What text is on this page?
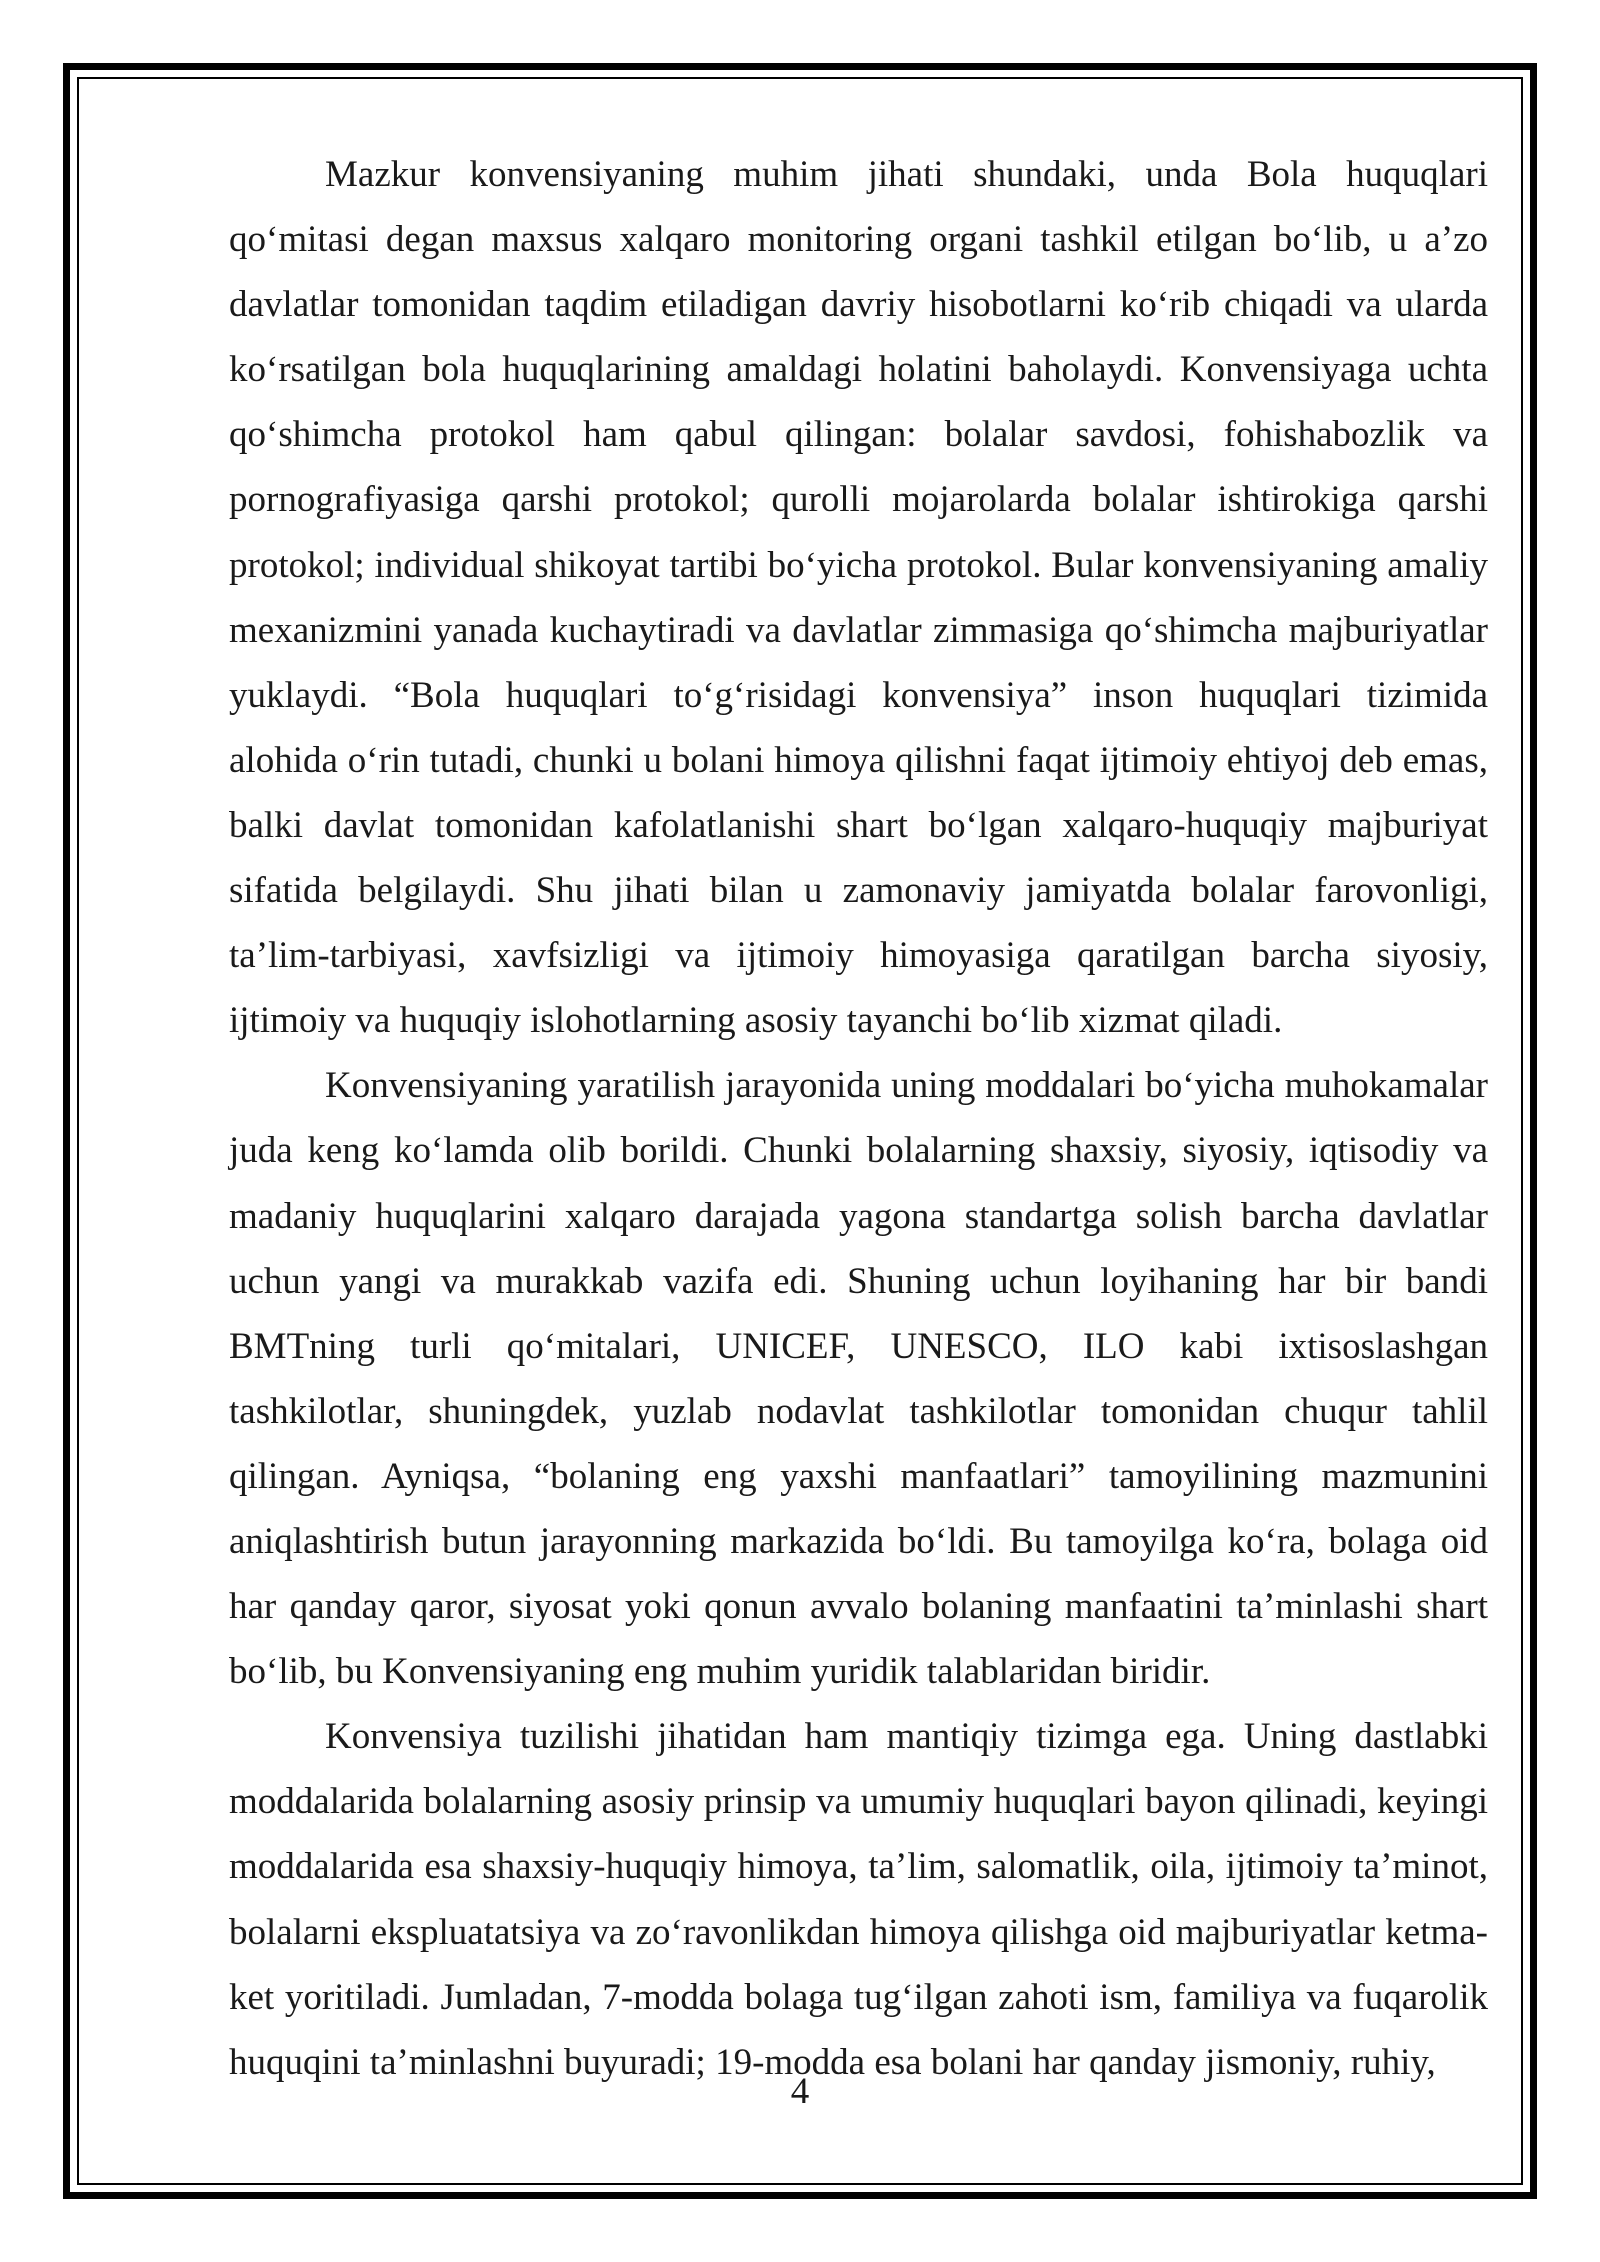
Mazkur konvensiyaning muhim jihati shundaki, unda Bola huquqlari qo‘mitasi degan maxsus xalqaro monitoring organi tashkil etilgan bo‘lib, u a’zo davlatlar tomonidan taqdim etiladigan davriy hisobotlarni ko‘rib chiqadi va ularda ko‘rsatilgan bola huquqlarining amaldagi holatini baholaydi. Konvensiyaga uchta qo‘shimcha protokol ham qabul qilingan: bolalar savdosi, fohishabozlik va pornografiyasiga qarshi protokol; qurolli mojarolarda bolalar ishtirokiga qarshi protokol; individual shikoyat tartibi bo‘yicha protokol. Bular konvensiyaning amaliy mexanizmini yanada kuchaytiradi va davlatlar zimmasiga qo‘shimcha majburiyatlar yuklaydi. “Bola huquqlari to‘g‘risidagi konvensiya” inson huquqlari tizimida alohida o‘rin tutadi, chunki u bolani himoya qilishni faqat ijtimoiy ehtiyoj deb emas, balki davlat tomonidan kafolatlanishi shart bo‘lgan xalqaro-huquqiy majburiyat sifatida belgilaydi. Shu jihati bilan u zamonaviy jamiyatda bolalar farovonligi, ta’lim-tarbiyasi, xavfsizligi va ijtimoiy himoyasiga qaratilgan barcha siyosiy, ijtimoiy va huquqiy islohotlarning asosiy tayanchi bo‘lib xizmat qiladi.

Konvensiyaning yaratilish jarayonida uning moddalari bo‘yicha muhokamalar juda keng ko‘lamda olib borildi. Chunki bolalarning shaxsiy, siyosiy, iqtisodiy va madaniy huquqlarini xalqaro darajada yagona standartga solish barcha davlatlar uchun yangi va murakkab vazifa edi. Shuning uchun loyihaning har bir bandi BMTning turli qo‘mitalari, UNICEF, UNESCO, ILO kabi ixtisoslashgan tashkilotlar, shuningdek, yuzlab nodavlat tashkilotlar tomonidan chuqur tahlil qilingan. Ayniqsa, “bolaning eng yaxshi manfaatlari” tamoyilining mazmunini aniqlashtirish butun jarayonning markazida bo‘ldi. Bu tamoyilga ko‘ra, bolaga oid har qanday qaror, siyosat yoki qonun avvalo bolaning manfaatini ta’minlashi shart bo‘lib, bu Konvensiyaning eng muhim yuridik talablaridan biridir.

Konvensiya tuzilishi jihatidan ham mantiqiy tizimga ega. Uning dastlabki moddalarida bolalarning asosiy prinsip va umumiy huquqlari bayon qilinadi, keyingi moddalarida esa shaxsiy-huquqiy himoya, ta’lim, salomatlik, oila, ijtimoiy ta’minot, bolalarni ekspluatatsiya va zo‘ravonlikdan himoya qilishga oid majburiyatlar ketma-ket yoritiladi. Jumladan, 7-modda bolaga tug‘ilgan zahoti ism, familiya va fuqarolik huquqini ta’minlashni buyuradi; 19-modda esa bolani har qanday jismoniy, ruhiy,

4
